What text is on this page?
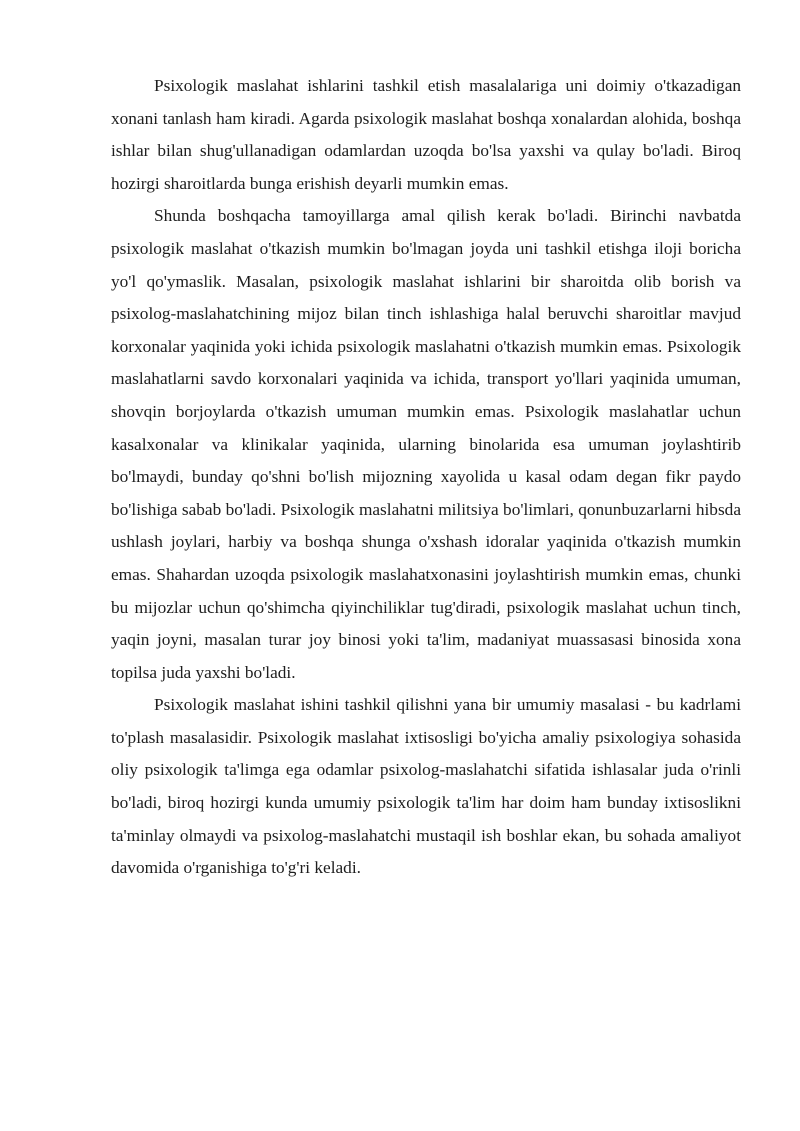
Psixologik maslahat ishlarini tashkil etish masalalariga uni doimiy o'tkazadigan xonani tanlash ham kiradi. Agarda psixologik maslahat boshqa xonalardan alohida, boshqa ishlar bilan shug'ullanadigan odamlardan uzoqda bo'lsa yaxshi va qulay bo'ladi. Biroq hozirgi sharoitlarda bunga erishish deyarli mumkin emas.

Shunda boshqacha tamoyillarga amal qilish kerak bo'ladi. Birinchi navbatda psixologik maslahat o'tkazish mumkin bo'lmagan joyda uni tashkil etishga iloji boricha yo'l qo'ymaslik. Masalan, psixologik maslahat ishlarini bir sharoitda olib borish va psixolog-maslahatchining mijoz bilan tinch ishlashiga halal beruvchi sharoitlar mavjud korxonalar yaqinida yoki ichida psixologik maslahatni o'tkazish mumkin emas. Psixologik maslahatlarni savdo korxonalari yaqinida va ichida, transport yo'llari yaqinida umuman, shovqin borjoylarda o'tkazish umuman mumkin emas. Psixologik maslahatlar uchun kasalxonalar va klinikalar yaqinida, ularning binolarida esa umuman joylashtirib bo'lmaydi, bunday qo'shni bo'lish mijozning xayolida u kasal odam degan fikr paydo bo'lishiga sabab bo'ladi. Psixologik maslahatni militsiya bo'limlari, qonunbuzarlarni hibsda ushlash joylari, harbiy va boshqa shunga o'xshash idoralar yaqinida o'tkazish mumkin emas. Shahardan uzoqda psixologik maslahatxonasini joylashtirish mumkin emas, chunki bu mijozlar uchun qo'shimcha qiyinchiliklar tug'diradi, psixologik maslahat uchun tinch, yaqin joyni, masalan turar joy binosi yoki ta'lim, madaniyat muassasasi binosida xona topilsa juda yaxshi bo'ladi.

Psixologik maslahat ishini tashkil qilishni yana bir umumiy masalasi - bu kadrlami to'plash masalasidir. Psixologik maslahat ixtisosligi bo'yicha amaliy psixologiya sohasida oliy psixologik ta'limga ega odamlar psixolog-maslahatchi sifatida ishlasalar juda o'rinli bo'ladi, biroq hozirgi kunda umumiy psixologik ta'lim har doim ham bunday ixtisoslikni ta'minlay olmaydi va psixolog-maslahatchi mustaqil ish boshlar ekan, bu sohada amaliyot davomida o'rganishiga to'g'ri keladi.
